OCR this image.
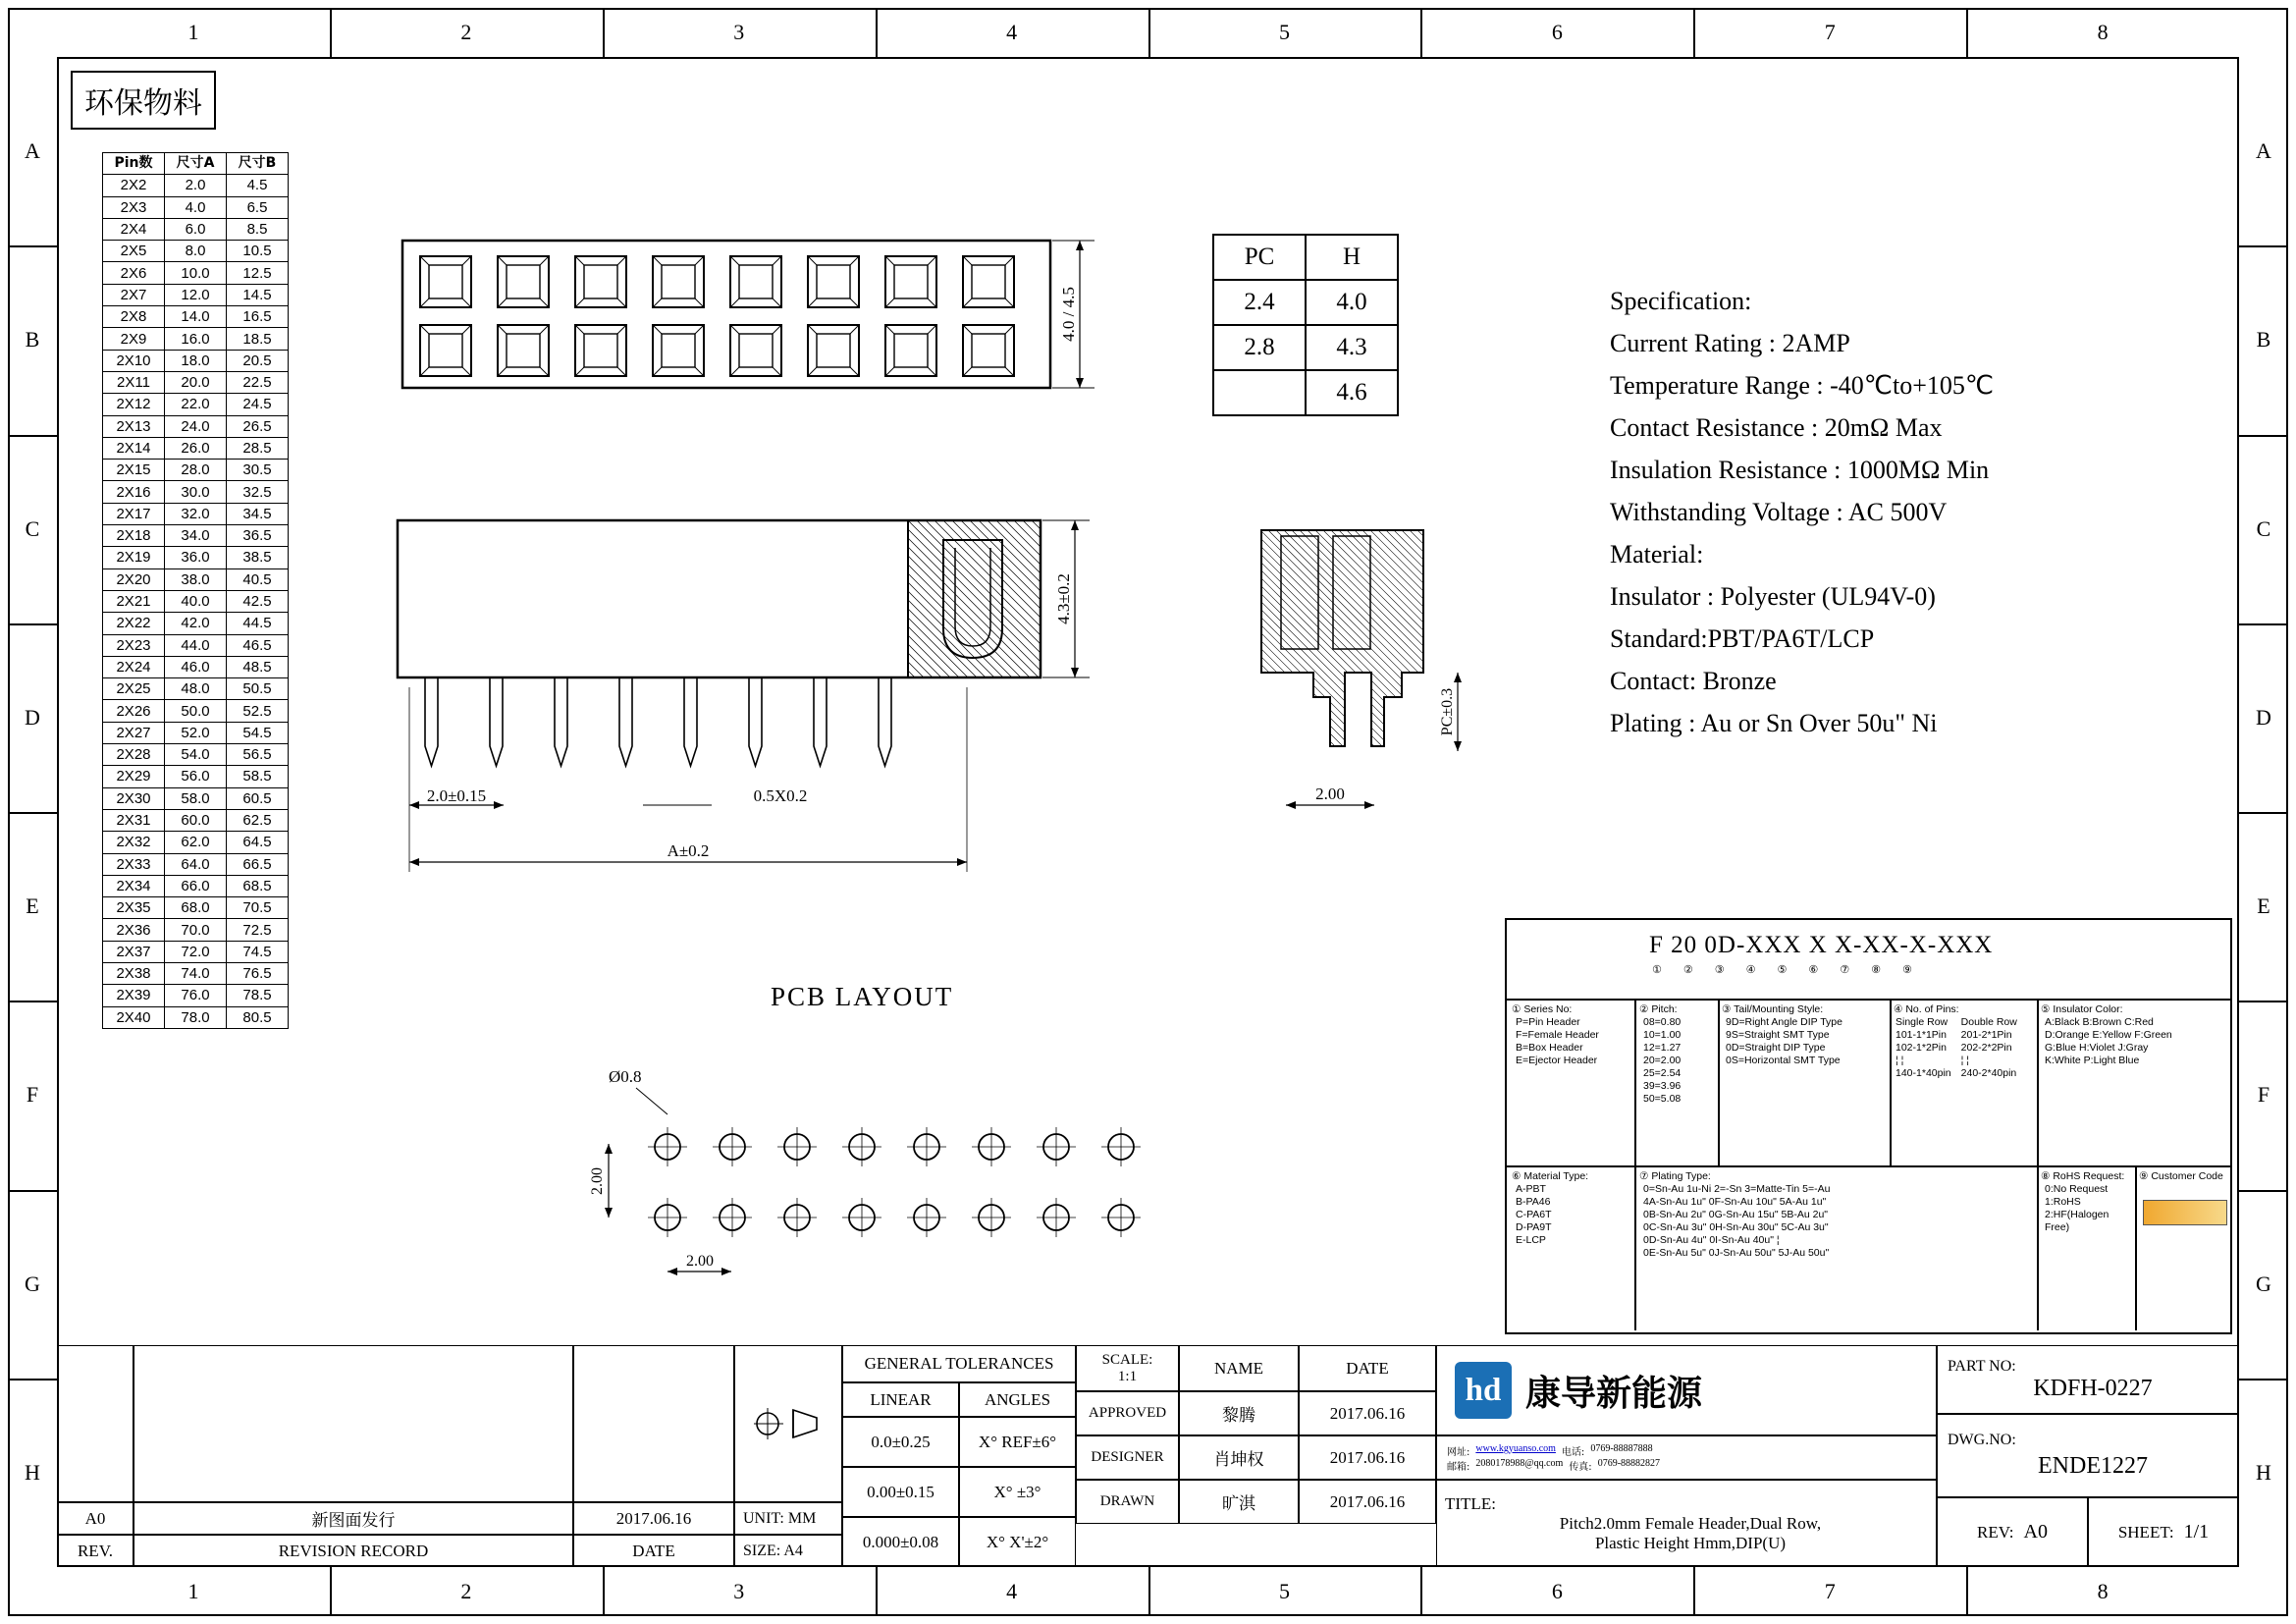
1
1
2
2
3
3
4
4
5
5
6
6
7
7
8
8
A	A
B	B
C	C
D	D
E	E
F	F
G	G
H	H
环保物料
Pin数	尺寸A	尺寸B
2X2	2.0	4.5
2X3	4.0	6.5
2X4	6.0	8.5
2X5	8.0	10.5
2X6	10.0	12.5
2X7	12.0	14.5
2X8	14.0	16.5
2X9	16.0	18.5
2X10	18.0	20.5
2X11	20.0	22.5
2X12	22.0	24.5
2X13	24.0	26.5
2X14	26.0	28.5
2X15	28.0	30.5
2X16	30.0	32.5
2X17	32.0	34.5
2X18	34.0	36.5
2X19	36.0	38.5
2X20	38.0	40.5
2X21	40.0	42.5
2X22	42.0	44.5
2X23	44.0	46.5
2X24	46.0	48.5
2X25	48.0	50.5
2X26	50.0	52.5
2X27	52.0	54.5
2X28	54.0	56.5
2X29	56.0	58.5
2X30	58.0	60.5
2X31	60.0	62.5
2X32	62.0	64.5
2X33	64.0	66.5
2X34	66.0	68.5
2X35	68.0	70.5
2X36	70.0	72.5
2X37	72.0	74.5
2X38	74.0	76.5
2X39	76.0	78.5
2X40	78.0	80.5
PC	H
2.4	4.0
2.8	4.3
	4.6
Specification:
Current Rating : 2AMP
Temperature Range : -40℃to+105℃
Contact Resistance : 20mΩ Max
Insulation Resistance : 1000MΩ Min
Withstanding Voltage : AC 500V
Material:
Insulator : Polyester (UL94V-0)
Standard:PBT/PA6T/LCP
Contact: Bronze
Plating : Au or Sn Over 50u" Ni
4.0 / 4.5
4.3±0.2
2.0±0.15	0.5X0.2
A±0.2
PC±0.3
2.00
PCB LAYOUT
Ø0.8
2.00
2.00
F 20 0D-XXX X X-XX-X-XXX
① ② ③ ④ ⑤ ⑥ ⑦ ⑧ ⑨
① Series No:
P=Pin Header
F=Female Header
B=Box Header
E=Ejector Header
② Pitch:
08=0.80
10=1.00
12=1.27
20=2.00
25=2.54
39=3.96
50=5.08
③ Tail/Mounting Style:
9D=Right Angle DIP Type
9S=Straight SMT Type
0D=Straight DIP Type
0S=Horizontal SMT Type
④ No. of Pins:
Single Row
101-1*1Pin
102-1*2Pin
¦ ¦
140-1*40pin
Double Row
201-2*1Pin
202-2*2Pin
¦ ¦
240-2*40pin
⑤ Insulator Color:
A:Black B:Brown C:Red
D:Orange E:Yellow F:Green
G:Blue H:Violet J:Gray
K:White P:Light Blue
⑥ Material Type:
A-PBT
B-PA46
C-PA6T
D-PA9T
E-LCP
⑦ Plating Type:
0=Sn-Au 1u-Ni 2=-Sn 3=Matte-Tin 5=-Au
4A-Sn-Au 1u" 0F-Sn-Au 10u" 5A-Au 1u"
0B-Sn-Au 2u" 0G-Sn-Au 15u" 5B-Au 2u"
0C-Sn-Au 3u" 0H-Sn-Au 30u" 5C-Au 3u"
0D-Sn-Au 4u" 0I-Sn-Au 40u" ¦
0E-Sn-Au 5u" 0J-Sn-Au 50u" 5J-Au 50u"
⑧ RoHS Request:
0:No Request
1:RoHS
2:HF(Halogen Free)
⑨ Customer Code
A0	新图面发行	2017.06.16
REV.	REVISION RECORD	DATE
UNIT: MM
SIZE: A4
GENERAL TOLERANCES
LINEAR	ANGLES
0.0±0.25	X° REF±6°
0.00±0.15	X° ±3°
0.000±0.08	X° X'±2°
SCALE:
1:1	NAME	DATE
APPROVED	黎腾	2017.06.16
DESIGNER	肖坤权	2017.06.16
DRAWN	旷淇	2017.06.16
hd 康导新能源
网址: www.kgyuanso.com 电话: 0769-88887888
邮箱: 2080178988@qq.com 传真: 0769-88882827
TITLE:
Pitch2.0mm Female Header,Dual Row,
Plastic Height Hmm,DIP(U)
PART NO:
KDFH-0227
DWG.NO:
ENDE1227
REV: A0	SHEET: 1/1
